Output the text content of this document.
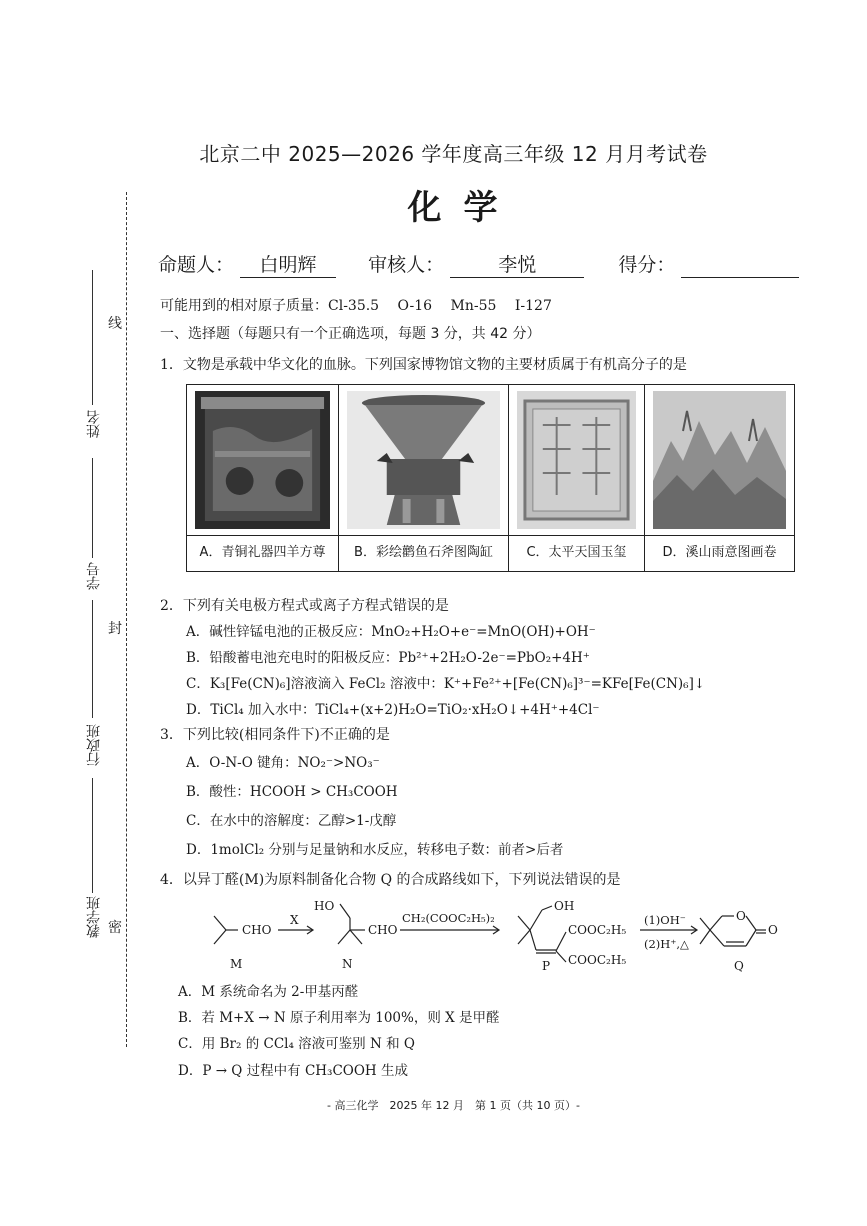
北京二中 2025—2026 学年度高三年级 12 月月考试卷
化学
命题人： 白明辉	审核人：	李悦	得分：
线
封
密
姓名
学号
行政班
教学班
可能用到的相对原子质量：Cl-35.5　 O-16　 Mn-55　 I-127
一、选择题（每题只有一个正确选项，每题 3 分，共 42 分）
1．文物是承载中华文化的血脉。下列国家博物馆文物的主要材质属于有机高分子的是
A．青铜礼器四羊方尊	B．彩绘鹳鱼石斧图陶缸	C．太平天国玉玺	D．溪山雨意图画卷
2．下列有关电极方程式或离子方程式错误的是
A．碱性锌锰电池的正极反应：MnO₂+H₂O+e⁻=MnO(OH)+OH⁻
B．铅酸蓄电池充电时的阳极反应：Pb²⁺+2H₂O-2e⁻=PbO₂+4H⁺
C．K₃[Fe(CN)₆]溶液滴入 FeCl₂ 溶液中：K⁺+Fe²⁺+[Fe(CN)₆]³⁻=KFe[Fe(CN)₆]↓
D．TiCl₄ 加入水中：TiCl₄+(x+2)H₂O=TiO₂·xH₂O↓+4H⁺+4Cl⁻
3．下列比较(相同条件下)不正确的是
A．O-N-O 键角：NO₂⁻>NO₃⁻
B．酸性：HCOOH > CH₃COOH
C．在水中的溶解度：乙醇>1-戊醇
D．1molCl₂ 分别与足量钠和水反应，转移电子数：前者>后者
4．以异丁醛(M)为原料制备化合物 Q 的合成路线如下，下列说法错误的是
CHO
X
HO
CHO
CH₂(COOC₂H₅)₂
OH
COOC₂H₅
COOC₂H₅
(1)OH⁻
(2)H⁺,△
O
O
M	N	P	Q
A．M 系统命名为 2-甲基丙醛
B．若 M+X → N 原子利用率为 100%，则 X 是甲醛
C．用 Br₂ 的 CCl₄ 溶液可鉴别 N 和 Q
D．P → Q 过程中有 CH₃COOH 生成
- 高三化学　2025 年 12 月　第 1 页（共 10 页）-
